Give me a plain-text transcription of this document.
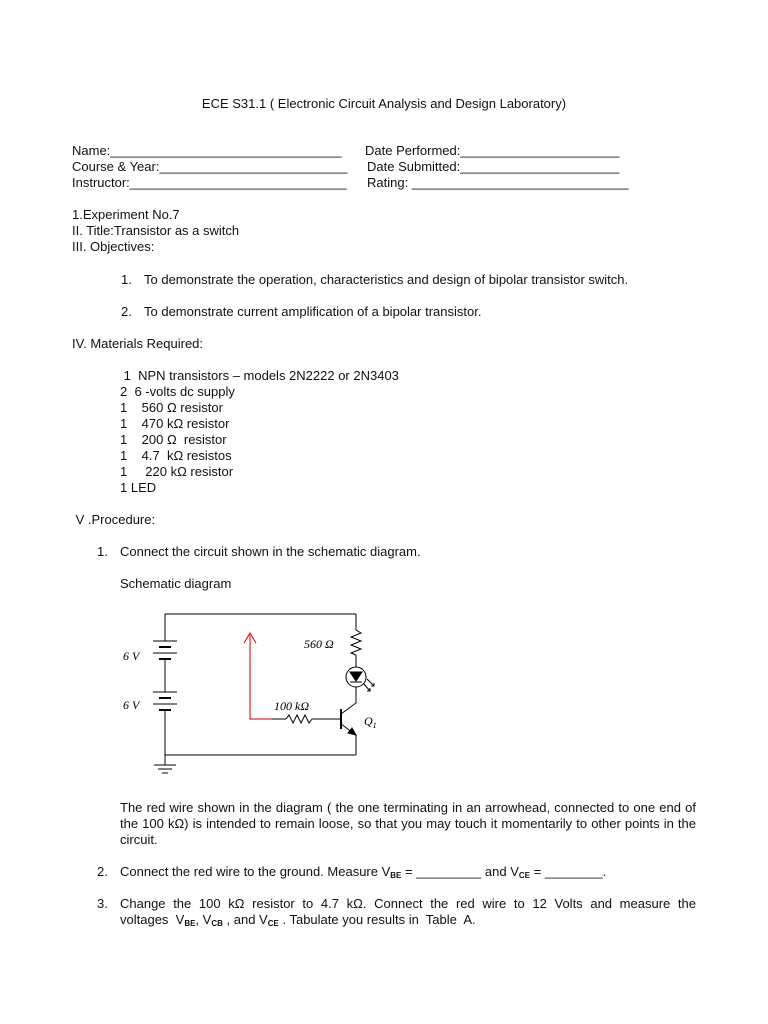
ECE S31.1 ( Electronic Circuit Analysis and Design Laboratory)
Name:________________________________ Date Performed:______________________
Course & Year:__________________________ Date Submitted:______________________
Instructor:______________________________ Rating: ______________________________
1.Experiment No.7
II. Title:Transistor as a switch
III. Objectives:
1. To demonstrate the operation, characteristics and design of bipolar transistor switch.
2. To demonstrate current amplification of a bipolar transistor.
IV. Materials Required:
1  NPN transistors – models 2N2222 or 2N3403
2  6 -volts dc supply
1    560 Ω resistor
1    470 kΩ resistor
1    200 Ω  resistor
1    4.7  kΩ resistos
1     220 kΩ resistor
1 LED
V .Procedure:
1. Connect the circuit shown in the schematic diagram.
Schematic diagram
6 V
6 V
560 Ω
100 kΩ
$Q_1$
The red wire shown in the diagram ( the one terminating in an arrowhead, connected to one end of the 100 kΩ) is intended to remain loose, so that you may touch it momentarily to other points in the circuit.
2. Connect the red wire to the ground. Measure $V_{BE}$ = _________ and $V_{CE}$ = ________.
3. Change the 100 kΩ resistor to 4.7 kΩ. Connect the red wire to 12 Volts and measure the
voltages  $V_{BE}$, $V_{CB}$ , and $V_{CE}$ . Tabulate you results in  Table  A.
